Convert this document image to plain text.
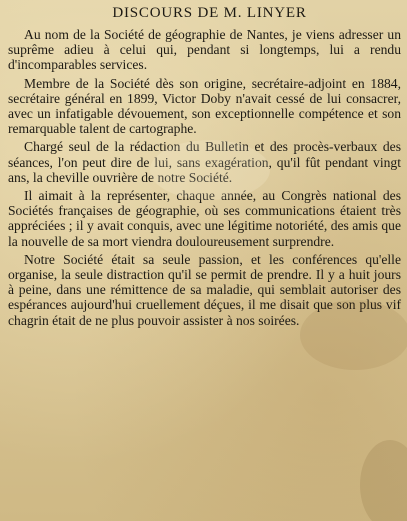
DISCOURS DE M. LINYER

Au nom de la Société de géographie de Nantes, je viens adresser un suprême adieu à celui qui, pendant si longtemps, lui a rendu d'incomparables services.

Membre de la Société dès son origine, secrétaire-adjoint en 1884, secrétaire général en 1899, Victor Doby n'avait cessé de lui consacrer, avec un infatigable dévouement, son exceptionnelle compétence et son remarquable talent de cartographe.

Chargé seul de la rédaction du Bulletin et des procès-verbaux des séances, l'on peut dire de lui, sans exagération, qu'il fût pendant vingt ans, la cheville ouvrière de notre Société.

Il aimait à la représenter, chaque année, au Congrès national des Sociétés françaises de géographie, où ses communications étaient très appréciées ; il y avait conquis, avec une légitime notoriété, des amis que la nouvelle de sa mort viendra douloureusement surprendre.

Notre Société était sa seule passion, et les conférences qu'elle organise, la seule distraction qu'il se permit de prendre. Il y a huit jours à peine, dans une rémittence de sa maladie, qui semblait autoriser des espérances aujourd'hui cruellement déçues, il me disait que son plus vif chagrin était de ne plus pouvoir assister à nos soirées.
